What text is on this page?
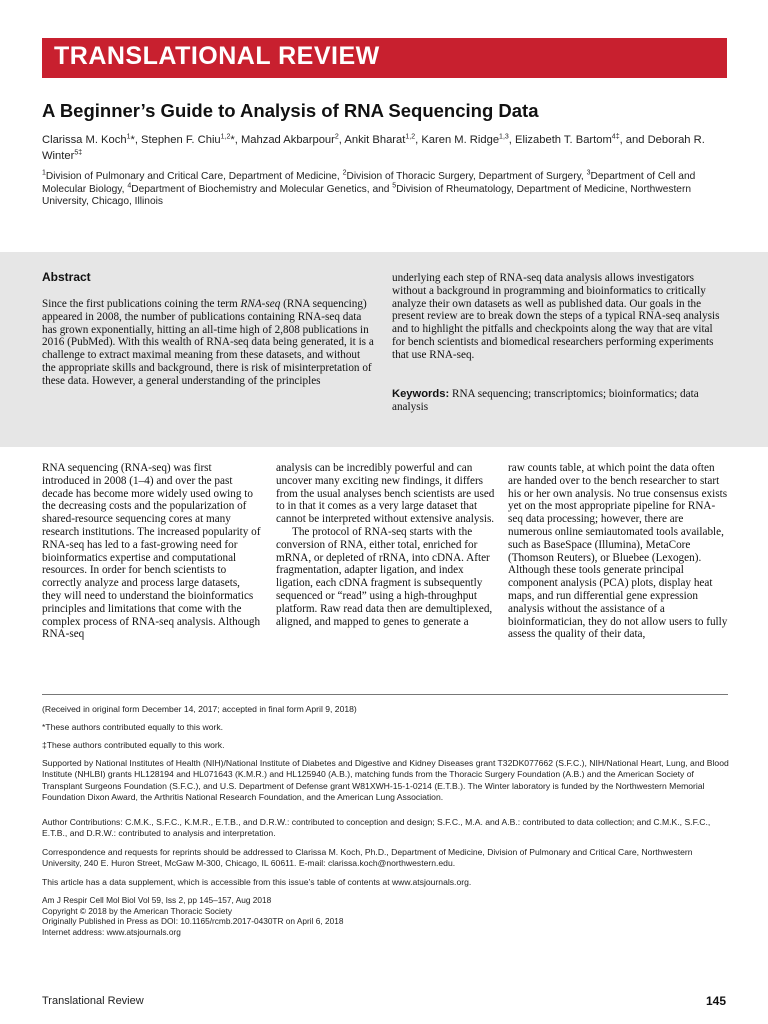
TRANSLATIONAL REVIEW
A Beginner’s Guide to Analysis of RNA Sequencing Data
Clarissa M. Koch$^1$*, Stephen F. Chiu$^{1,2}$*, Mahzad Akbarpour$^2$, Ankit Bharat$^{1,2}$, Karen M. Ridge$^{1,3}$, Elizabeth T. Bartom$^{4\ddagger}$, and Deborah R. Winter$^{5\ddagger}$
$^1$Division of Pulmonary and Critical Care, Department of Medicine, $^2$Division of Thoracic Surgery, Department of Surgery, $^3$Department of Cell and Molecular Biology, $^4$Department of Biochemistry and Molecular Genetics, and $^5$Division of Rheumatology, Department of Medicine, Northwestern University, Chicago, Illinois
Abstract
Since the first publications coining the term RNA-seq (RNA sequencing) appeared in 2008, the number of publications containing RNA-seq data has grown exponentially, hitting an all-time high of 2,808 publications in 2016 (PubMed). With this wealth of RNA-seq data being generated, it is a challenge to extract maximal meaning from these datasets, and without the appropriate skills and background, there is risk of misinterpretation of these data. However, a general understanding of the principles
underlying each step of RNA-seq data analysis allows investigators without a background in programming and bioinformatics to critically analyze their own datasets as well as published data. Our goals in the present review are to break down the steps of a typical RNA-seq analysis and to highlight the pitfalls and checkpoints along the way that are vital for bench scientists and biomedical researchers performing experiments that use RNA-seq.
Keywords: RNA sequencing; transcriptomics; bioinformatics; data analysis
RNA sequencing (RNA-seq) was first introduced in 2008 (1–4) and over the past decade has become more widely used owing to the decreasing costs and the popularization of shared-resource sequencing cores at many research institutions. The increased popularity of RNA-seq has led to a fast-growing need for bioinformatics expertise and computational resources. In order for bench scientists to correctly analyze and process large datasets, they will need to understand the bioinformatics principles and limitations that come with the complex process of RNA-seq analysis. Although RNA-seq
analysis can be incredibly powerful and can uncover many exciting new findings, it differs from the usual analyses bench scientists are used to in that it comes as a very large dataset that cannot be interpreted without extensive analysis.
The protocol of RNA-seq starts with the conversion of RNA, either total, enriched for mRNA, or depleted of rRNA, into cDNA. After fragmentation, adapter ligation, and index ligation, each cDNA fragment is subsequently sequenced or “read” using a high-throughput platform. Raw read data then are demultiplexed, aligned, and mapped to genes to generate a
raw counts table, at which point the data often are handed over to the bench researcher to start his or her own analysis. No true consensus exists yet on the most appropriate pipeline for RNA-seq data processing; however, there are numerous online semiautomated tools available, such as BaseSpace (Illumina), MetaCore (Thomson Reuters), or Bluebee (Lexogen). Although these tools generate principal component analysis (PCA) plots, display heat maps, and run differential gene expression analysis without the assistance of a bioinformatician, they do not allow users to fully assess the quality of their data,
(Received in original form December 14, 2017; accepted in final form April 9, 2018)
*These authors contributed equally to this work.
‡These authors contributed equally to this work.
Supported by National Institutes of Health (NIH)/National Institute of Diabetes and Digestive and Kidney Diseases grant T32DK077662 (S.F.C.), NIH/National Heart, Lung, and Blood Institute (NHLBI) grants HL128194 and HL071643 (K.M.R.) and HL125940 (A.B.), matching funds from the Thoracic Surgery Foundation (A.B.) and the American Society of Transplant Surgeons Foundation (S.F.C.), and U.S. Department of Defense grant W81XWH-15-1-0214 (E.T.B.). The Winter laboratory is funded by the Northwestern Memorial Foundation Dixon Award, the Arthritis National Research Foundation, and the American Lung Association.
Author Contributions: C.M.K., S.F.C., K.M.R., E.T.B., and D.R.W.: contributed to conception and design; S.F.C., M.A. and A.B.: contributed to data collection; and C.M.K., S.F.C., E.T.B., and D.R.W.: contributed to analysis and interpretation.
Correspondence and requests for reprints should be addressed to Clarissa M. Koch, Ph.D., Department of Medicine, Division of Pulmonary and Critical Care, Northwestern University, 240 E. Huron Street, McGaw M-300, Chicago, IL 60611. E-mail: clarissa.koch@northwestern.edu.
This article has a data supplement, which is accessible from this issue’s table of contents at www.atsjournals.org.
Am J Respir Cell Mol Biol Vol 59, Iss 2, pp 145–157, Aug 2018
Copyright © 2018 by the American Thoracic Society
Originally Published in Press as DOI: 10.1165/rcmb.2017-0430TR on April 6, 2018
Internet address: www.atsjournals.org
Translational Review	145
